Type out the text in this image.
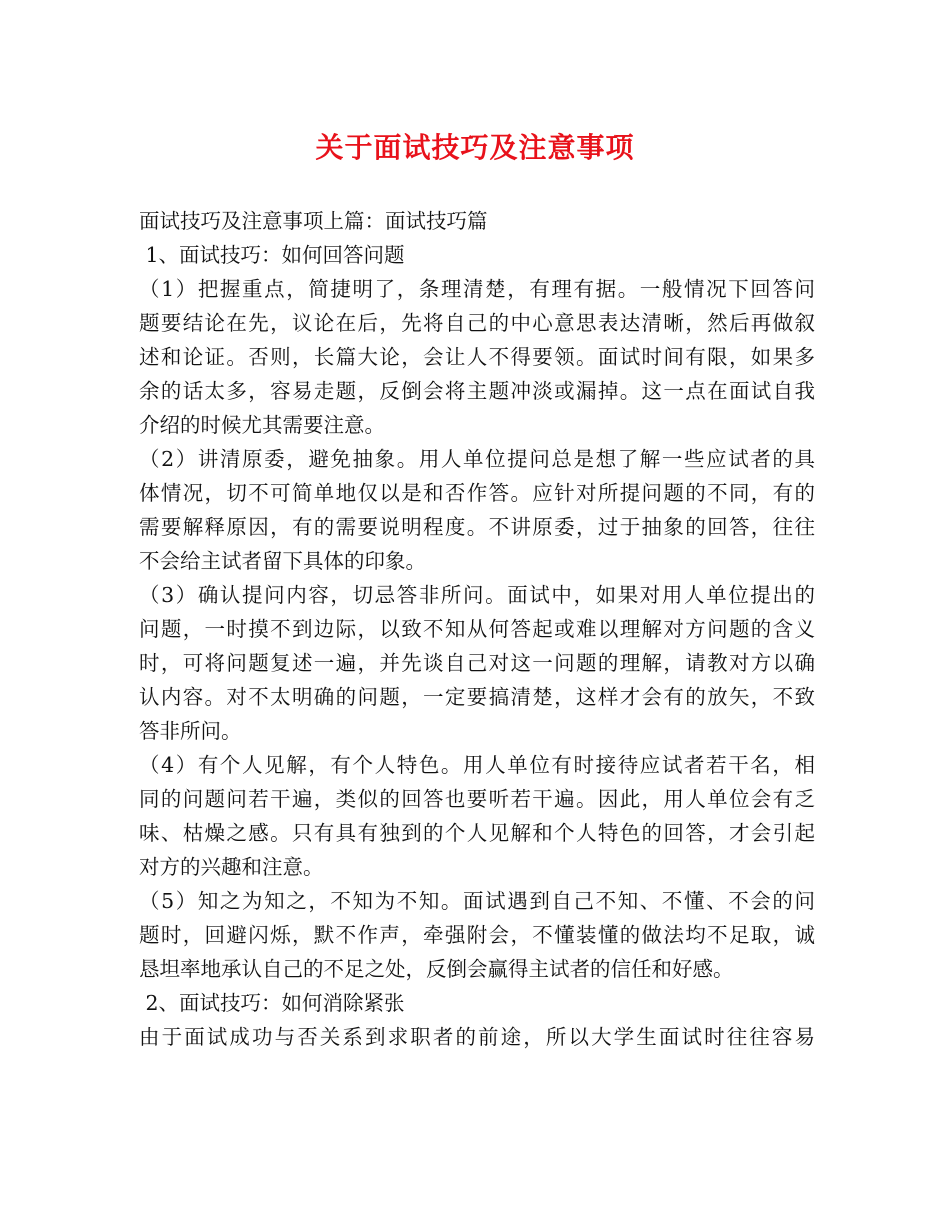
关于面试技巧及注意事项
面试技巧及注意事项上篇：面试技巧篇
1、面试技巧：如何回答问题
（1）把握重点，简捷明了，条理清楚，有理有据。一般情况下回答问
题要结论在先，议论在后，先将自己的中心意思表达清晰，然后再做叙
述和论证。否则，长篇大论，会让人不得要领。面试时间有限，如果多
余的话太多，容易走题，反倒会将主题冲淡或漏掉。这一点在面试自我
介绍的时候尤其需要注意。
（2）讲清原委，避免抽象。用人单位提问总是想了解一些应试者的具
体情况，切不可简单地仅以是和否作答。应针对所提问题的不同，有的
需要解释原因，有的需要说明程度。不讲原委，过于抽象的回答，往往
不会给主试者留下具体的印象。
（3）确认提问内容，切忌答非所问。面试中，如果对用人单位提出的
问题，一时摸不到边际，以致不知从何答起或难以理解对方问题的含义
时，可将问题复述一遍，并先谈自己对这一问题的理解，请教对方以确
认内容。对不太明确的问题，一定要搞清楚，这样才会有的放矢，不致
答非所问。
（4）有个人见解，有个人特色。用人单位有时接待应试者若干名，相
同的问题问若干遍，类似的回答也要听若干遍。因此，用人单位会有乏
味、枯燥之感。只有具有独到的个人见解和个人特色的回答，才会引起
对方的兴趣和注意。
（5）知之为知之，不知为不知。面试遇到自己不知、不懂、不会的问
题时，回避闪烁，默不作声，牵强附会，不懂装懂的做法均不足取，诚
恳坦率地承认自己的不足之处，反倒会赢得主试者的信任和好感。
2、面试技巧：如何消除紧张
由于面试成功与否关系到求职者的前途，所以大学生面试时往往容易
